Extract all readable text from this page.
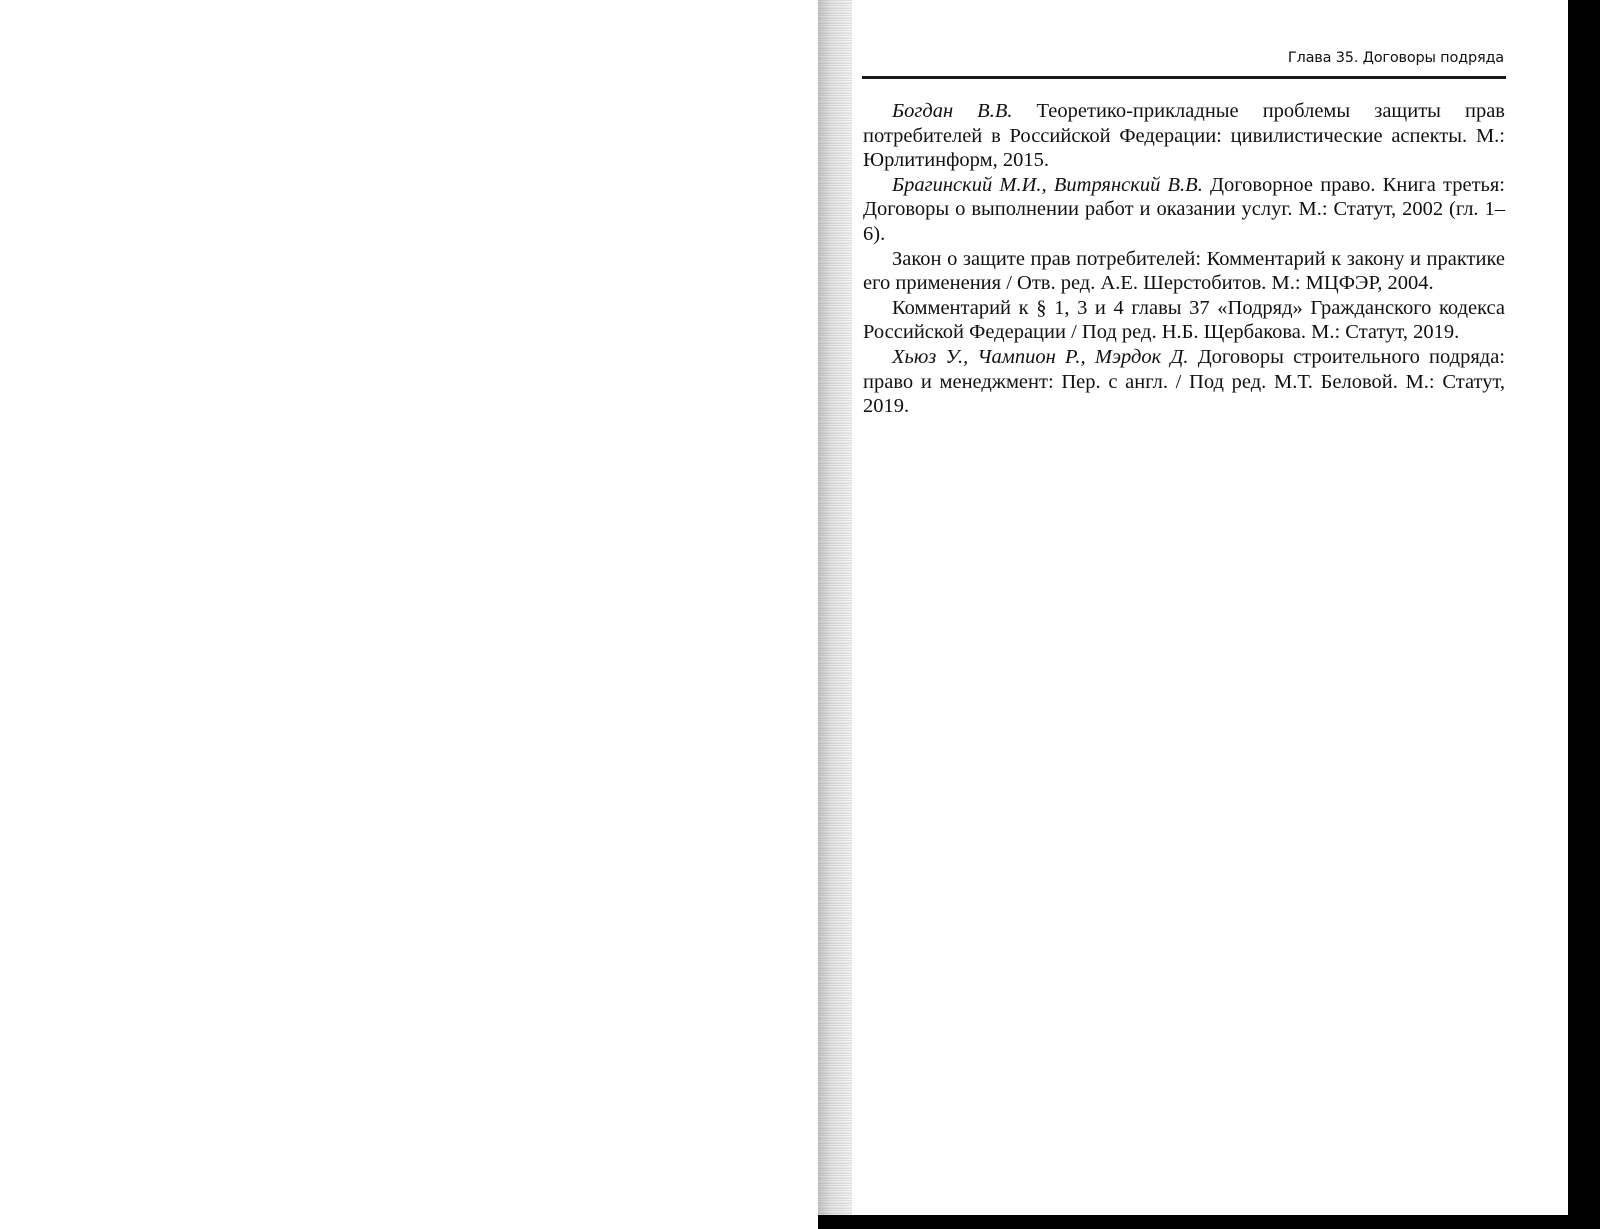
Глава 35. Договоры подряда

Богдан В.В. Теоретико-прикладные проблемы защиты прав потребителей в Российской Федерации: цивилистические аспекты. М.: Юрлитинформ, 2015.

Брагинский М.И., Витрянский В.В. Договорное право. Книга третья: Договоры о выполнении работ и оказании услуг. М.: Статут, 2002 (гл. 1–6).

Закон о защите прав потребителей: Комментарий к закону и практике его применения / Отв. ред. А.Е. Шерстобитов. М.: МЦФЭР, 2004.

Комментарий к § 1, 3 и 4 главы 37 «Подряд» Гражданского кодекса Российской Федерации / Под ред. Н.Б. Щербакова. М.: Статут, 2019.

Хьюз У., Чампион Р., Мэрдок Д. Договоры строительного подряда: право и менеджмент: Пер. с англ. / Под ред. М.Т. Беловой. М.: Статут, 2019.
